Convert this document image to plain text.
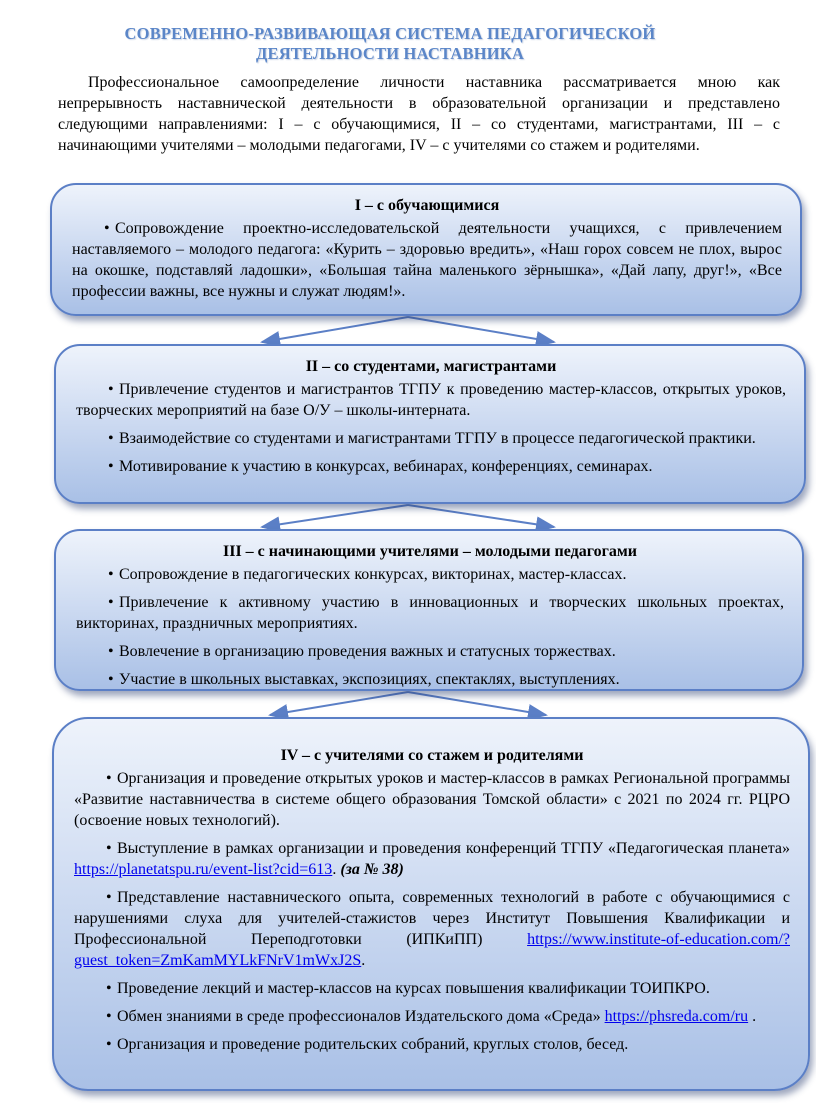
СОВРЕМЕННО-РАЗВИВАЮЩАЯ СИСТЕМА ПЕДАГОГИЧЕСКОЙ
ДЕЯТЕЛЬНОСТИ НАСТАВНИКА
Профессиональное самоопределение личности наставника рассматривается мною как непрерывность наставнической деятельности в образовательной организации и представлено следующими направлениями: I – с обучающимися, II – со студентами, магистрантами, III – с начинающими учителями – молодыми педагогами, IV – с учителями со стажем и родителями.
I – с обучающимися

• Сопровождение проектно-исследовательской деятельности учащихся, с привлечением наставляемого – молодого педагога: «Курить – здоровью вредить», «Наш горох совсем не плох, вырос на окошке, подставляй ладошки», «Большая тайна маленького зёрнышка», «Дай лапу, друг!», «Все профессии важны, все нужны и служат людям!».

II – со студентами, магистрантами

• Привлечение студентов и магистрантов ТГПУ к проведению мастер-классов, открытых уроков, творческих мероприятий на базе О/У – школы-интерната.

• Взаимодействие со студентами и магистрантами ТГПУ в процессе педагогической практики.

• Мотивирование к участию в конкурсах, вебинарах, конференциях, семинарах.

III – с начинающими учителями – молодыми педагогами

• Сопровождение в педагогических конкурсах, викторинах, мастер-классах.

• Привлечение к активному участию в инновационных и творческих школьных проектах, викторинах, праздничных мероприятиях.

• Вовлечение в организацию проведения важных и статусных торжествах.

• Участие в школьных выставках, экспозициях, спектаклях, выступлениях.

IV – с учителями со стажем и родителями

• Организация и проведение открытых уроков и мастер-классов в рамках Региональной программы «Развитие наставничества в системе общего образования Томской области» с 2021 по 2024 гг. РЦРО (освоение новых технологий).

• Выступление в рамках организации и проведения конференций ТГПУ «Педагогическая планета» https://planetatspu.ru/event-list?cid=613. (за № 38)

• Представление наставнического опыта, современных технологий в работе с обучающимися с нарушениями слуха для учителей-стажистов через Институт Повышения Квалификации и Профессиональной Переподготовки (ИПКиПП) https://www.institute-of-education.com/?guest_token=ZmKamMYLkFNrV1mWxJ2S.

• Проведение лекций и мастер-классов на курсах повышения квалификации ТОИПКРО.

• Обмен знаниями в среде профессионалов Издательского дома «Среда» https://phsreda.com/ru .

• Организация и проведение родительских собраний, круглых столов, бесед.
